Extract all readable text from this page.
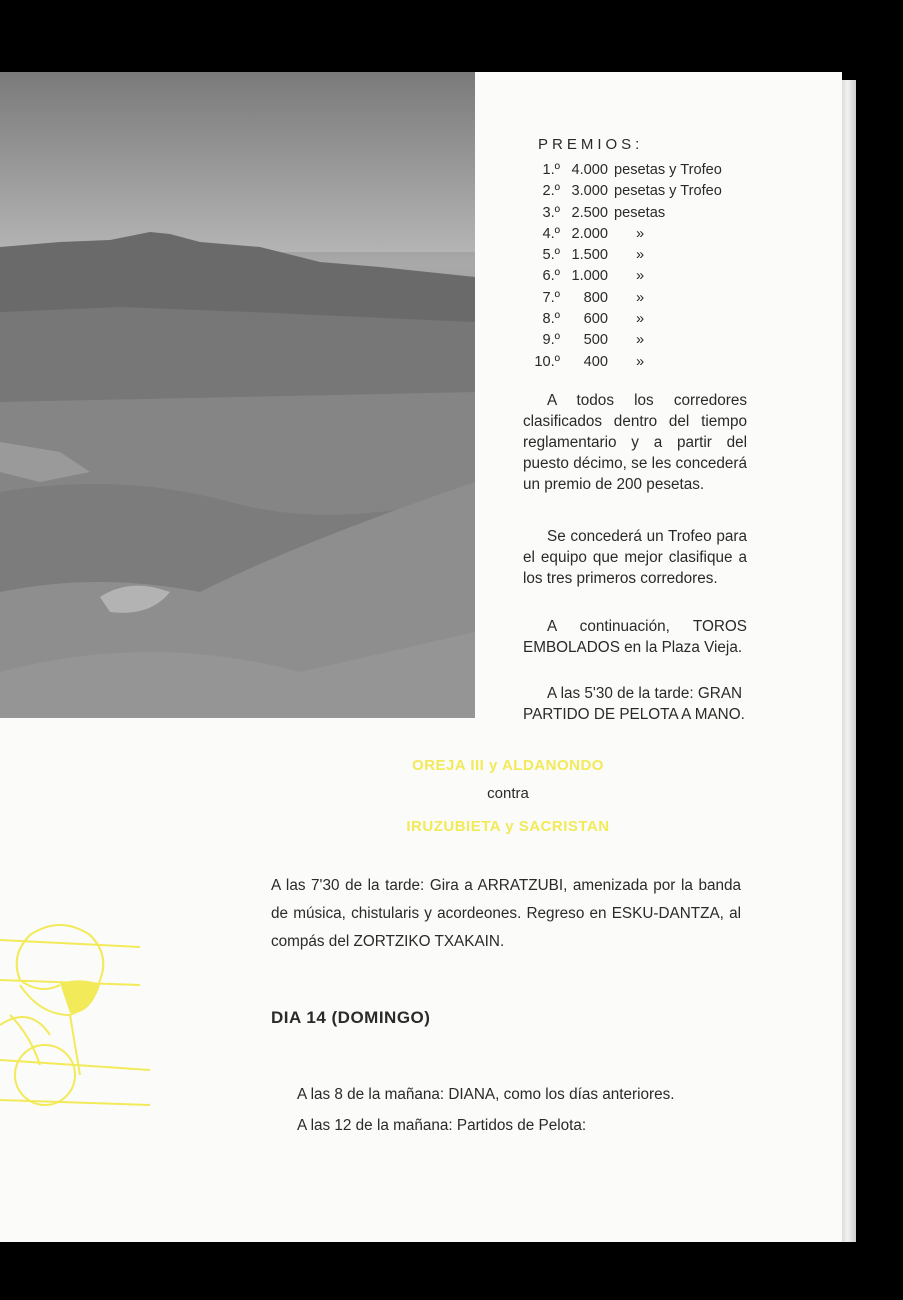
PREMIOS:
1.º	4.000	pesetas y Trofeo
2.º	3.000	pesetas y Trofeo
3.º	2.500	pesetas
4.º	2.000	»
5.º	1.500	»
6.º	1.000	»
7.º	800	»
8.º	600	»
9.º	500	»
10.º	400	»
A todos los corredores clasificados dentro del tiempo reglamentario y a partir del puesto décimo, se les concederá un premio de 200 pesetas.
Se concederá un Trofeo para el equipo que mejor clasifique a los tres primeros corredores.
A continuación, TOROS EMBOLADOS en la Plaza Vieja.
A las 5'30 de la tarde: GRAN PARTIDO DE PELOTA A MANO.
OREJA III y ALDANONDO
contra
IRUZUBIETA y SACRISTAN
A las 7'30 de la tarde: Gira a ARRATZUBI, amenizada por la banda de música, chistularis y acordeones. Regreso en ESKU-DANTZA, al compás del ZORTZIKO TXAKAIN.
DIA 14 (DOMINGO)
A las 8 de la mañana: DIANA, como los días anteriores.
A las 12 de la mañana: Partidos de Pelota:
